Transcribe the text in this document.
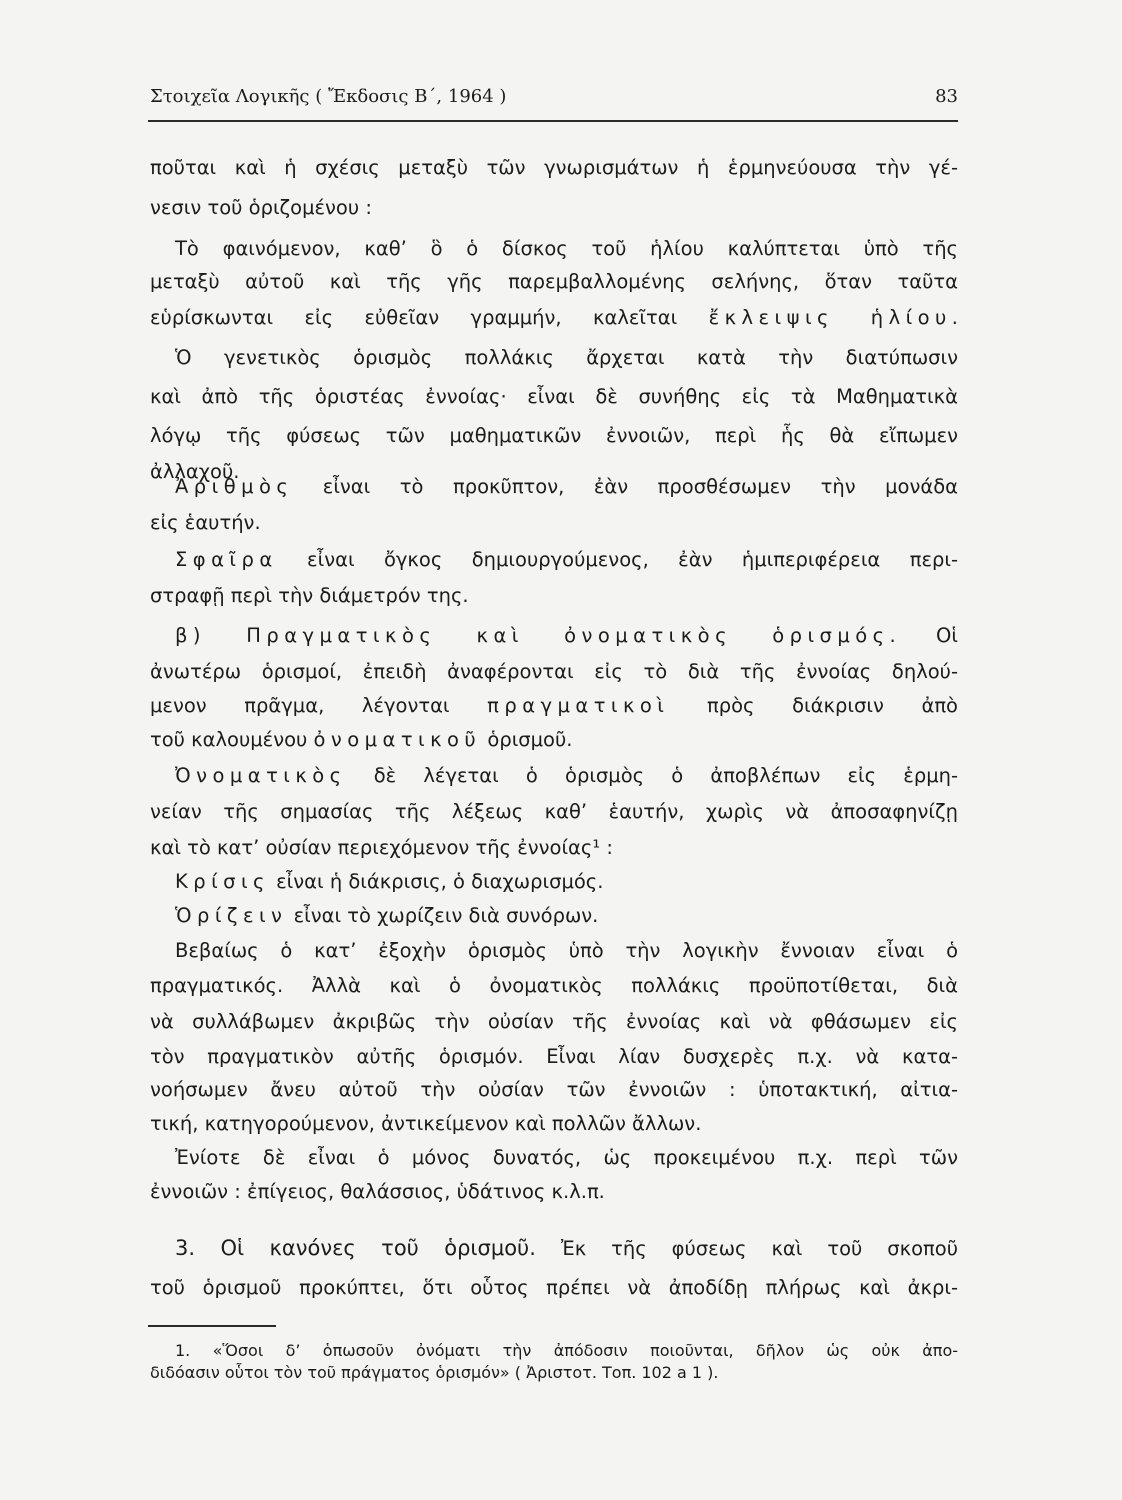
Στοιχεῖα Λογικῆς ( Ἔκδοσις Β΄, 1964 )	83
ποῦται καὶ ἡ σχέσις μεταξὺ τῶν γνωρισμάτων ἡ ἑρμηνεύουσα τὴν γέ-
νεσιν τοῦ ὁριζομένου :
Τὸ φαινόμενον, καθ’ ὃ ὁ δίσκος τοῦ ἡλίου καλύπτεται ὑπὸ τῆς
μεταξὺ αὐτοῦ καὶ τῆς γῆς παρεμβαλλομένης σελήνης, ὅταν ταῦτα
εὑρίσκωνται εἰς εὐθεῖαν γραμμήν, καλεῖται ἔκλειψις ἡλίου.
Ὁ γενετικὸς ὁρισμὸς πολλάκις ἄρχεται κατὰ τὴν διατύπωσιν
καὶ ἀπὸ τῆς ὁριστέας ἐννοίας· εἶναι δὲ συνήθης εἰς τὰ Μαθηματικὰ
λόγῳ τῆς φύσεως τῶν μαθηματικῶν ἐννοιῶν, περὶ ἧς θὰ εἴπωμεν
ἀλλαχοῦ.
Ἀριθμὸς εἶναι τὸ προκῦπτον, ἐὰν προσθέσωμεν τὴν μονάδα
εἰς ἑαυτήν.
Σφαῖρα εἶναι ὄγκος δημιουργούμενος, ἐὰν ἡμιπεριφέρεια περι-
στραφῇ περὶ τὴν διάμετρόν της.
β) Πραγματικὸς καὶ ὀνοματικὸς ὁρισμός. Οἱ
ἀνωτέρω ὁρισμοί, ἐπειδὴ ἀναφέρονται εἰς τὸ διὰ τῆς ἐννοίας δηλού-
μενον πρᾶγμα, λέγονται πραγματικοὶ πρὸς διάκρισιν ἀπὸ
τοῦ καλουμένου ὀνοματικοῦ ὁρισμοῦ.
Ὀνοματικὸς δὲ λέγεται ὁ ὁρισμὸς ὁ ἀποβλέπων εἰς ἑρμη-
νείαν τῆς σημασίας τῆς λέξεως καθ’ ἑαυτήν, χωρὶς νὰ ἀποσαφηνίζῃ
καὶ τὸ κατ’ οὐσίαν περιεχόμενον τῆς ἐννοίας¹ :
Κρίσις εἶναι ἡ διάκρισις, ὁ διαχωρισμός.
Ὁρίζειν εἶναι τὸ χωρίζειν διὰ συνόρων.
Βεβαίως ὁ κατ’ ἐξοχὴν ὁρισμὸς ὑπὸ τὴν λογικὴν ἔννοιαν εἶναι ὁ
πραγματικός. Ἀλλὰ καὶ ὁ ὀνοματικὸς πολλάκις προϋποτίθεται, διὰ
νὰ συλλάβωμεν ἀκριβῶς τὴν οὐσίαν τῆς ἐννοίας καὶ νὰ φθάσωμεν εἰς
τὸν πραγματικὸν αὐτῆς ὁρισμόν. Εἶναι λίαν δυσχερὲς π.χ. νὰ κατα-
νοήσωμεν ἄνευ αὐτοῦ τὴν οὐσίαν τῶν ἐννοιῶν : ὑποτακτική, αἰτια-
τική, κατηγορούμενον, ἀντικείμενον καὶ πολλῶν ἄλλων.
Ἐνίοτε δὲ εἶναι ὁ μόνος δυνατός, ὡς προκειμένου π.χ. περὶ τῶν
ἐννοιῶν : ἐπίγειος, θαλάσσιος, ὑδάτινος κ.λ.π.
3. Οἱ κανόνες τοῦ ὁρισμοῦ. Ἐκ τῆς φύσεως καὶ τοῦ σκοποῦ
τοῦ ὁρισμοῦ προκύπτει, ὅτι οὗτος πρέπει νὰ ἀποδίδῃ πλήρως καὶ ἀκρι-
1. «Ὅσοι δ’ ὁπωσοῦν ὀνόματι τὴν ἀπόδοσιν ποιοῦνται, δῆλον ὡς οὐκ ἀπο-
διδόασιν οὗτοι τὸν τοῦ πράγματος ὁρισμόν» ( Ἀριστοτ. Τοπ. 102 a 1 ).
